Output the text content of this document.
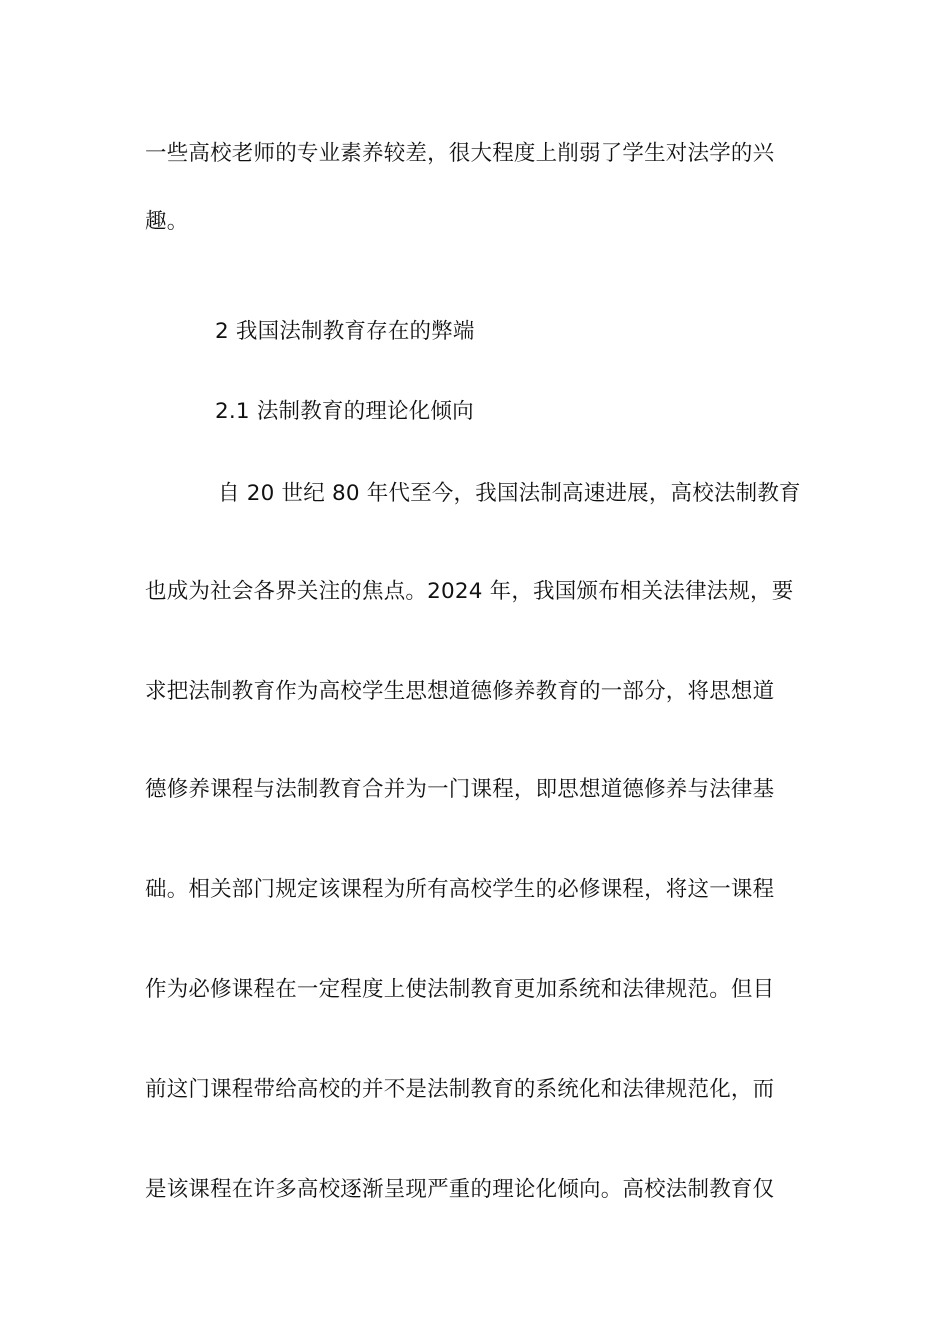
一些高校老师的专业素养较差，很大程度上削弱了学生对法学的兴
趣。
2 我国法制教育存在的弊端
2.1 法制教育的理论化倾向
自 20 世纪 80 年代至今，我国法制高速进展，高校法制教育
也成为社会各界关注的焦点。2024 年，我国颁布相关法律法规，要
求把法制教育作为高校学生思想道德修养教育的一部分，将思想道
德修养课程与法制教育合并为一门课程，即思想道德修养与法律基
础。相关部门规定该课程为所有高校学生的必修课程，将这一课程
作为必修课程在一定程度上使法制教育更加系统和法律规范。但目
前这门课程带给高校的并不是法制教育的系统化和法律规范化，而
是该课程在许多高校逐渐呈现严重的理论化倾向。高校法制教育仅
